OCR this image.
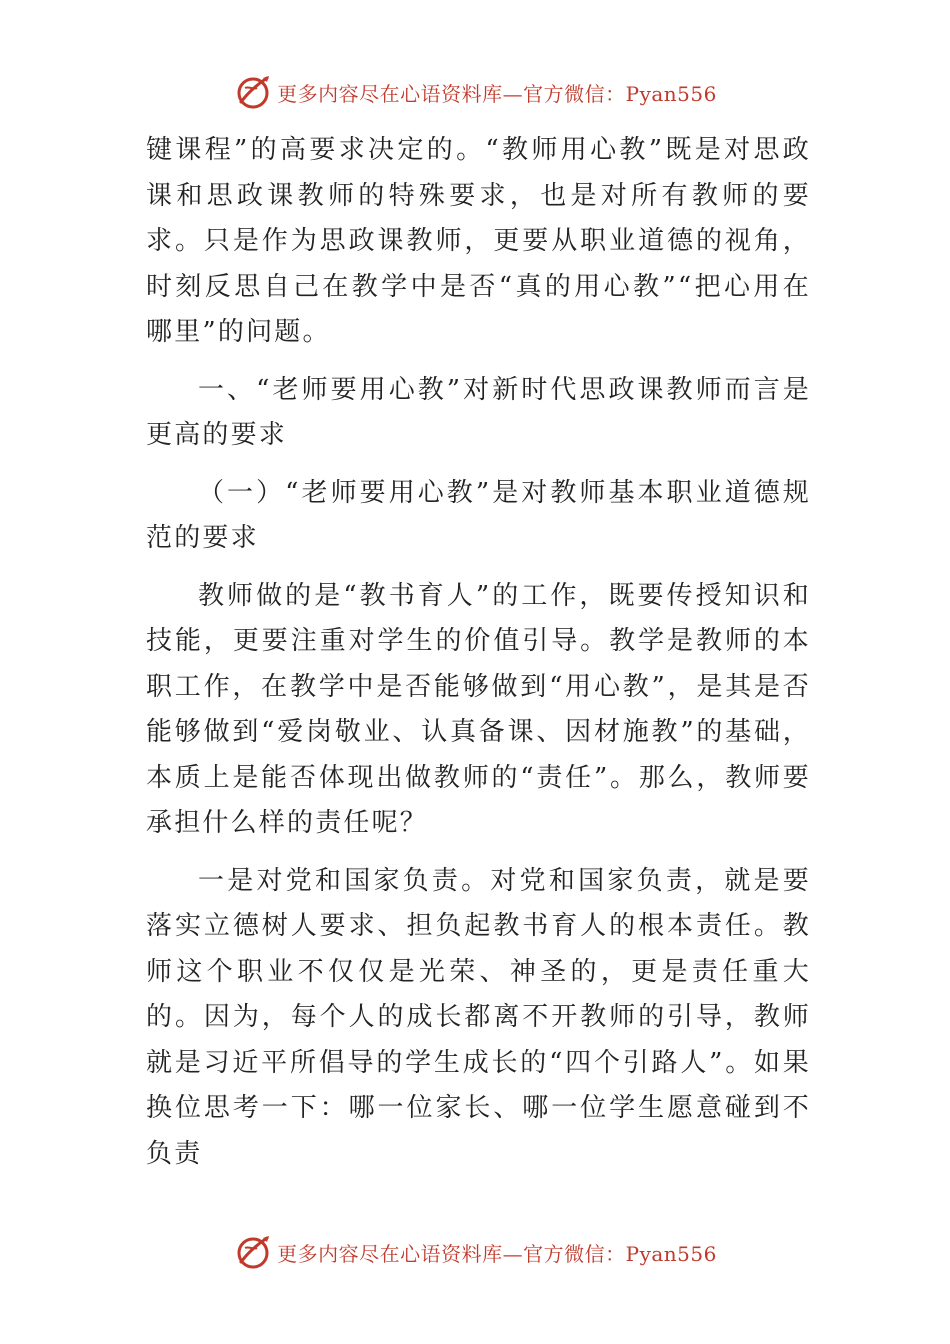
更多内容尽在心语资料库—官方微信：Pyan556

键课程”的高要求决定的。“教师用心教”既是对思政课和思政课教师的特殊要求，也是对所有教师的要求。只是作为思政课教师，更要从职业道德的视角，时刻反思自己在教学中是否“真的用心教”“把心用在哪里”的问题。

一、“老师要用心教”对新时代思政课教师而言是更高的要求

（一）“老师要用心教”是对教师基本职业道德规范的要求

教师做的是“教书育人”的工作，既要传授知识和技能，更要注重对学生的价值引导。教学是教师的本职工作，在教学中是否能够做到“用心教”，是其是否能够做到“爱岗敬业、认真备课、因材施教”的基础，本质上是能否体现出做教师的“责任”。那么，教师要承担什么样的责任呢？

一是对党和国家负责。对党和国家负责，就是要落实立德树人要求、担负起教书育人的根本责任。教师这个职业不仅仅是光荣、神圣的，更是责任重大的。因为，每个人的成长都离不开教师的引导，教师就是习近平所倡导的学生成长的“四个引路人”。如果换位思考一下：哪一位家长、哪一位学生愿意碰到不负责

更多内容尽在心语资料库—官方微信：Pyan556
